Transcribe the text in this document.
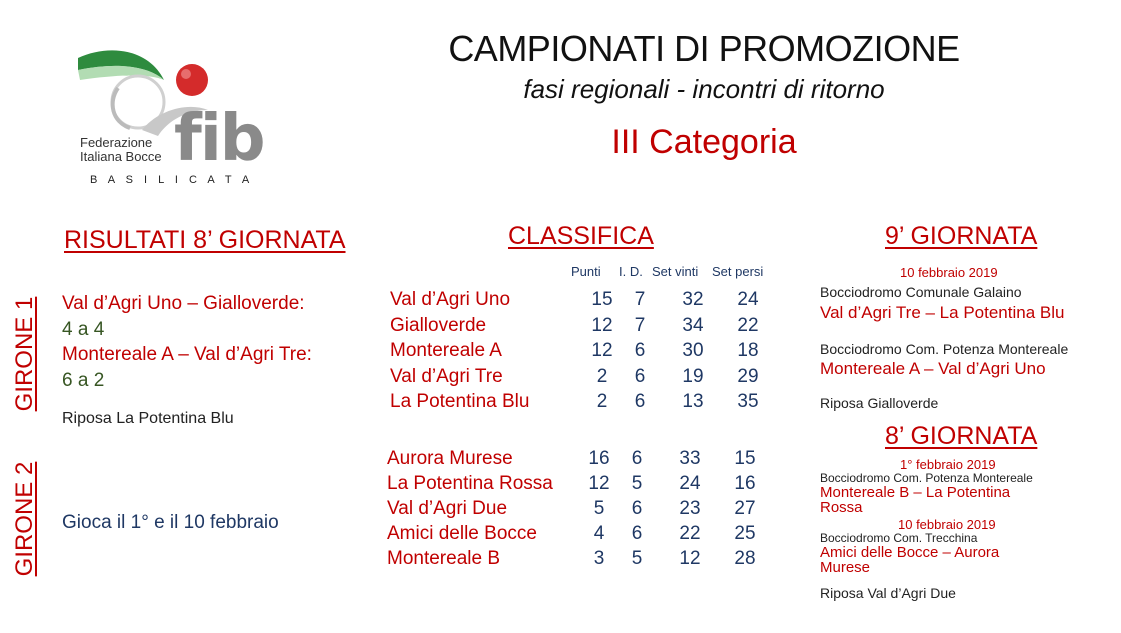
fib
Federazione
Italiana Bocce
B A S I L I C A T A
CAMPIONATI DI PROMOZIONE
fasi regionali - incontri di ritorno
III Categoria
RISULTATI 8’ GIORNATA
GIRONE 1
GIRONE 2
Val d’Agri Uno – Gialloverde:
4 a 4
Montereale A – Val d’Agri Tre:
6 a 2
Riposa La Potentina Blu
Gioca il 1° e il 10 febbraio
CLASSIFICA
Punti I. D. Set vinti Set persi
Val d’Agri Uno	15	7	32 24
Gialloverde	12	7	34 22
Montereale A	12	6	30 18
Val d’Agri Tre	2	6	19 29
La Potentina Blu	2	6	13 35
Aurora Murese	16	6	33 15
La Potentina Rossa 12	5	24 16
Val d’Agri Due	5	6	23 27
Amici delle Bocce	4	6	22 25
Montereale B	3	5	12 28
9’ GIORNATA
10 febbraio 2019
Bocciodromo Comunale Galaino
Val d’Agri Tre – La Potentina Blu
Bocciodromo Com. Potenza Montereale
Montereale A – Val d’Agri Uno
Riposa Gialloverde
8’ GIORNATA
1° febbraio 2019
Bocciodromo Com. Potenza Montereale
Montereale B – La Potentina
Rossa
10 febbraio 2019
Bocciodromo Com. Trecchina
Amici delle Bocce – Aurora
Murese
Riposa Val d’Agri Due
